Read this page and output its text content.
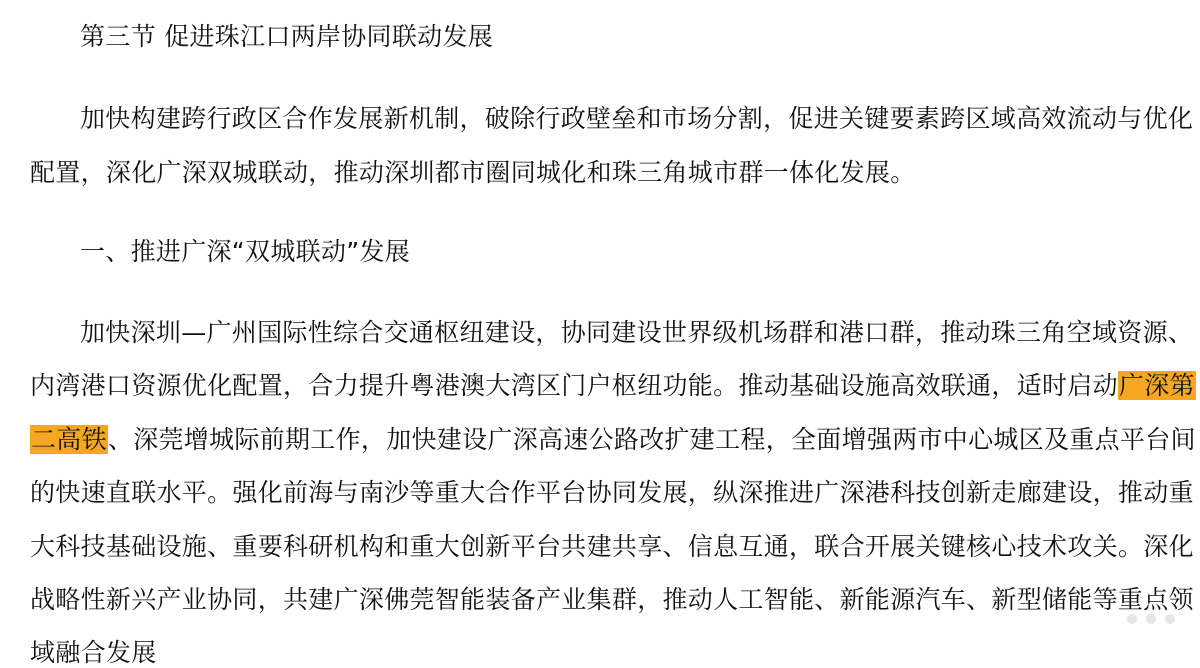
第三节 促进珠江口两岸协同联动发展
加快构建跨行政区合作发展新机制，破除行政壁垒和市场分割，促进关键要素跨区域高效流动与优化
配置，深化广深双城联动，推动深圳都市圈同城化和珠三角城市群一体化发展。
一、推进广深“双城联动”发展
加快深圳—广州国际性综合交通枢纽建设，协同建设世界级机场群和港口群，推动珠三角空域资源、
内湾港口资源优化配置，合力提升粤港澳大湾区门户枢纽功能。推动基础设施高效联通，适时启动广深第
二高铁、深莞增城际前期工作，加快建设广深高速公路改扩建工程，全面增强两市中心城区及重点平台间
的快速直联水平。强化前海与南沙等重大合作平台协同发展，纵深推进广深港科技创新走廊建设，推动重
大科技基础设施、重要科研机构和重大创新平台共建共享、信息互通，联合开展关键核心技术攻关。深化
战略性新兴产业协同，共建广深佛莞智能装备产业集群，推动人工智能、新能源汽车、新型储能等重点领
域融合发展
